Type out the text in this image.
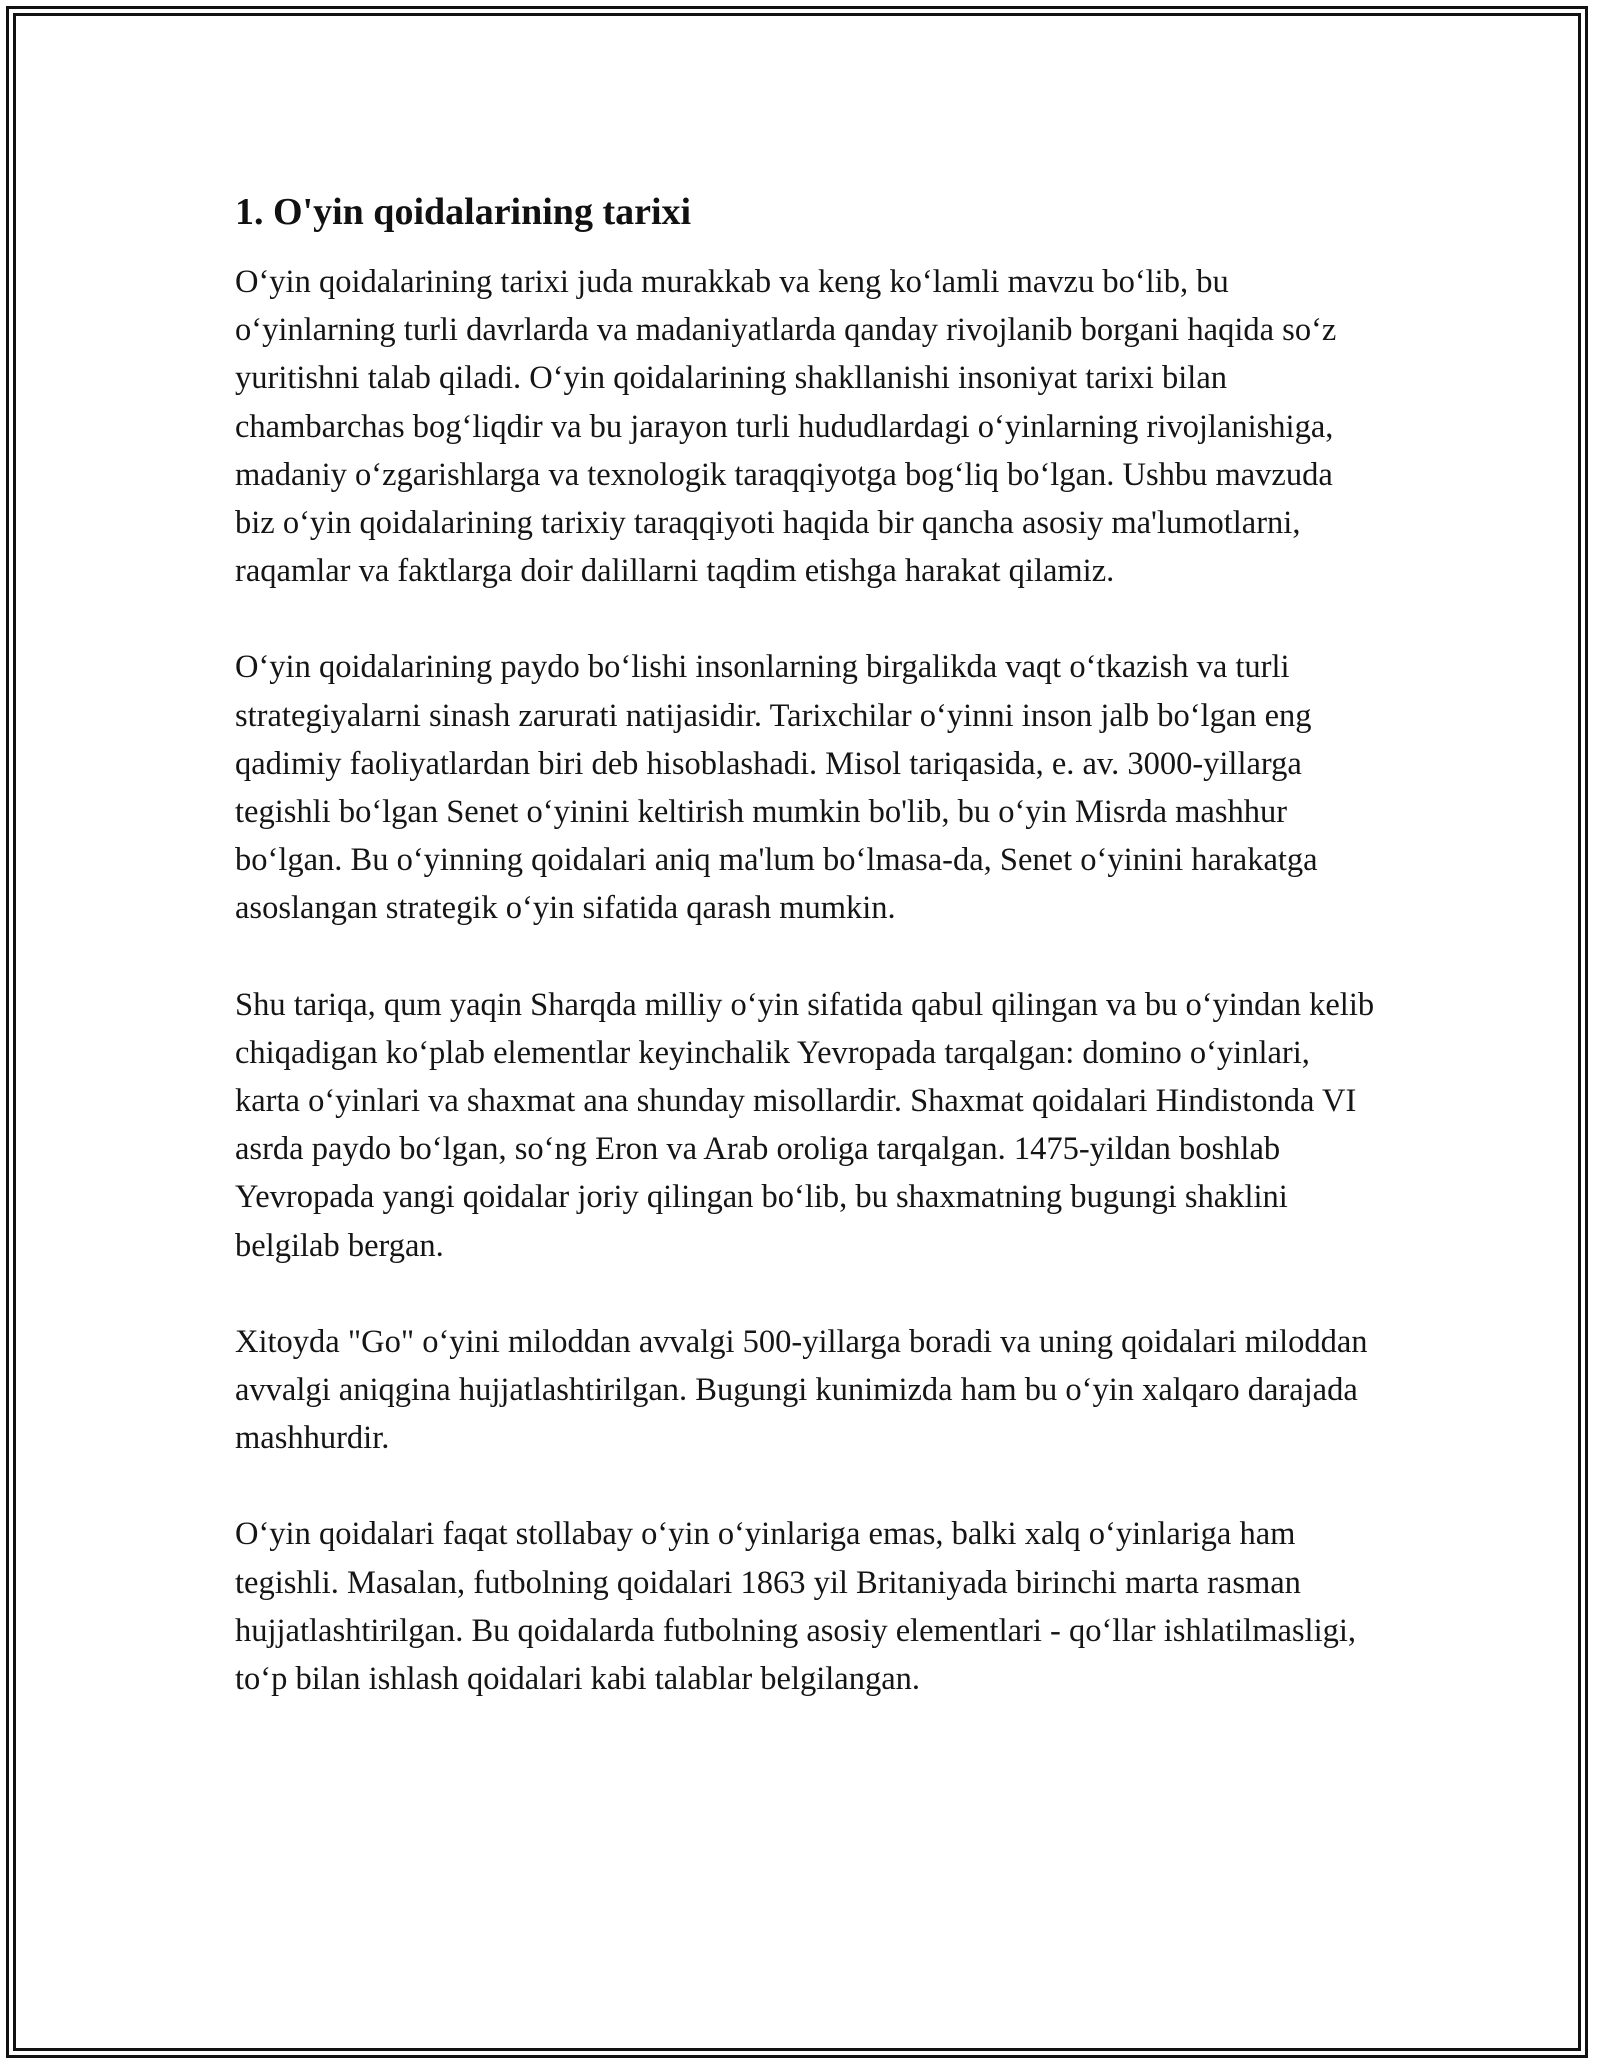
1. O'yin qoidalarining tarixi

O‘yin qoidalarining tarixi juda murakkab va keng ko‘lamli mavzu bo‘lib, bu o‘yinlarning turli davrlarda va madaniyatlarda qanday rivojlanib borgani haqida so‘z yuritishni talab qiladi. O‘yin qoidalarining shakllanishi insoniyat tarixi bilan chambarchas bog‘liqdir va bu jarayon turli hududlardagi o‘yinlarning rivojlanishiga, madaniy o‘zgarishlarga va texnologik taraqqiyotga bog‘liq bo‘lgan. Ushbu mavzuda biz o‘yin qoidalarining tarixiy taraqqiyoti haqida bir qancha asosiy ma'lumotlarni, raqamlar va faktlarga doir dalillarni taqdim etishga harakat qilamiz.

O‘yin qoidalarining paydo bo‘lishi insonlarning birgalikda vaqt o‘tkazish va turli strategiyalarni sinash zarurati natijasidir. Tarixchilar o‘yinni inson jalb bo‘lgan eng qadimiy faoliyatlardan biri deb hisoblashadi. Misol tariqasida, e. av. 3000-yillarga tegishli bo‘lgan Senet o‘yinini keltirish mumkin bo'lib, bu o‘yin Misrda mashhur bo‘lgan. Bu o‘yinning qoidalari aniq ma'lum bo‘lmasa-da, Senet o‘yinini harakatga asoslangan strategik o‘yin sifatida qarash mumkin.

Shu tariqa, qum yaqin Sharqda milliy o‘yin sifatida qabul qilingan va bu o‘yindan kelib chiqadigan ko‘plab elementlar keyinchalik Yevropada tarqalgan: domino o‘yinlari, karta o‘yinlari va shaxmat ana shunday misollardir. Shaxmat qoidalari Hindistonda VI asrda paydo bo‘lgan, so‘ng Eron va Arab oroliga tarqalgan. 1475-yildan boshlab Yevropada yangi qoidalar joriy qilingan bo‘lib, bu shaxmatning bugungi shaklini belgilab bergan.

Xitoyda "Go" o‘yini miloddan avvalgi 500-yillarga boradi va uning qoidalari miloddan avvalgi aniqgina hujjatlashtirilgan. Bugungi kunimizda ham bu o‘yin xalqaro darajada mashhurdir.

O‘yin qoidalari faqat stollabay o‘yin o‘yinlariga emas, balki xalq o‘yinlariga ham tegishli. Masalan, futbolning qoidalari 1863 yil Britaniyada birinchi marta rasman hujjatlashtirilgan. Bu qoidalarda futbolning asosiy elementlari - qo‘llar ishlatilmasligi, to‘p bilan ishlash qoidalari kabi talablar belgilangan.
